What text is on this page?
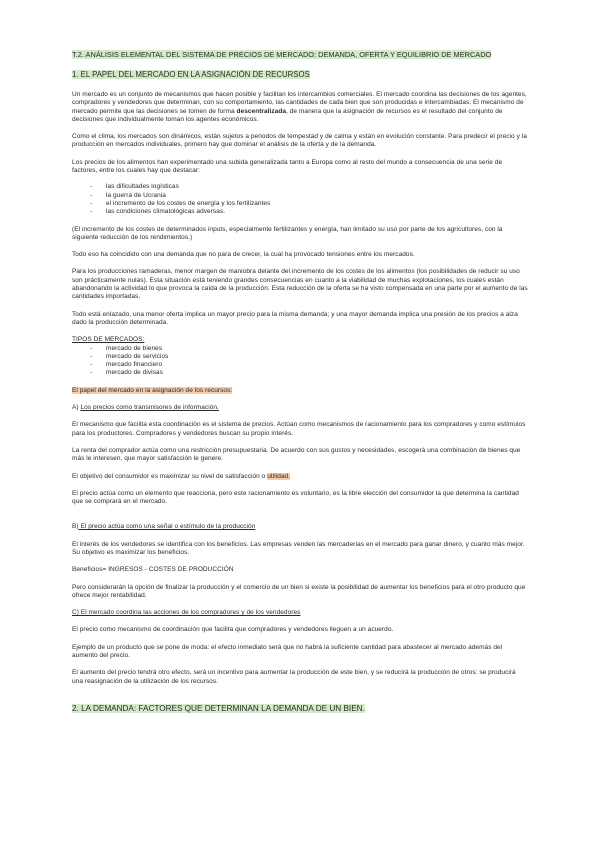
T.2. ANÁLISIS ELEMENTAL DEL SISTEMA DE PRECIOS DE MERCADO: DEMANDA, OFERTA Y EQUILIBRIO DE MERCADO
1. EL PAPEL DEL MERCADO EN LA ASIGNACIÓN DE RECURSOS

Un mercado es un conjunto de mecanismos que hacen posible y facilitan los intercambios comerciales. El mercado coordina las decisiones de los agentes, compradores y vendedores que determinan, con su comportamiento, las cantidades de cada bien que son producidas e intercambiadas. El mecanismo de mercado permite que las decisiones se tomen de forma descentralizada, de manera que la asignación de recursos es el resultado del conjunto de decisiones que individualmente toman los agentes económicos.

Como el clima, los mercados son dinámicos, están sujetos a periodos de tempestad y de calma y están en evolución constante. Para predecir el precio y la producción en mercados individuales, primero hay que dominar el análisis de la oferta y de la demanda.

Los precios de los alimentos han experimentado una subida generalizada tanto a Europa como al resto del mundo a consecuencia de una serie de factores, entre los cuales hay que destacar:

- las dificultades logísticas
- la guerra de Ucrania
- el incremento de los costes de energía y los fertilizantes
- las condiciones climatológicas adversas.

(El incremento de los costes de determinados inputs, especialmente fertilizantes y energía, han limitado su uso por parte de los agricultores, con la siguiente reducción de los rendimientos.)

Todo eso ha coincidido con una demanda que no para de crecer, la cual ha provocado tensiones entre los mercados.

Para los producciones ramaderas, menor margen de maniobra delante del incremento de los costes de los alimentos (los posibilidades de reducir su uso son prácticamente nulas). Esta situación está teniendo grandes consecuencias en cuanto a la viabilidad de muchas explotaciones, los cuales están abandonando la actividad lo que provoca la caída de la producción. Esta reducción de la oferta se ha visto compensada en una parte por el aumento de las cantidades importadas.

Todo está enlazado, una menor oferta implica un mayor precio para la misma demanda; y una mayor demanda implica una presión de los precios a alza dado la producción determinada.

TIPOS DE MERCADOS:

- mercado de bienes
- mercado de servicios
- mercado financiero
- mercado de divisas

El papel del mercado en la asignación de los recursos:

A) Los precios como transmisores de información.

El mecanismo que facilita esta coordinación es el sistema de precios. Actúan como mecanismos de racionamiento para los compradores y como estímulos para los productores. Compradores y vendedores buscan su propio interés.

La renta del comprador actúa como una restricción presupuestaria. De acuerdo con sus gustos y necesidades, escogerá una combinación de bienes que más le interesen, que mayor satisfacción le genere.

El objetivo del consumidor es maximizar su nivel de satisfacción o utilidad.

El precio actúa como un elemento que reacciona, pero este racionamiento es voluntario, es la libre elección del consumidor la que determina la cantidad que se comprará en el mercado.

B) El precio actúa como una señal o estímulo de la producción

El interés de los vendedores se identifica con los beneficios. Las empresas venden las mercaderías en el mercado para ganar dinero, y cuanto más mejor. Su objetivo es maximizar los beneficios.

Beneficios= INGRESOS - COSTES DE PRODUCCIÓN

Pero considerarán la opción de finalizar la producción y el comercio de un bien si existe la posibilidad de aumentar los beneficios para el otro producto que ofrece mejor rentabilidad.

C) El mercado coordina las acciones de los compradores y de los vendedores

El precio como mecanismo de coordinación que facilita que compradores y vendedores lleguen a un acuerdo.

Ejemplo de un producto que se pone de moda: el efecto inmediato será que no habrá la suficiente cantidad para abastecer al mercado además del aumento del precio.

El aumento del precio tendrá otro efecto, será un incentivo para aumentar la producción de este bien, y se reducirá la producción de otros: se producirá una reasignación de la utilización de los recursos.

2. LA DEMANDA: FACTORES QUE DETERMINAN LA DEMANDA DE UN BIEN.
